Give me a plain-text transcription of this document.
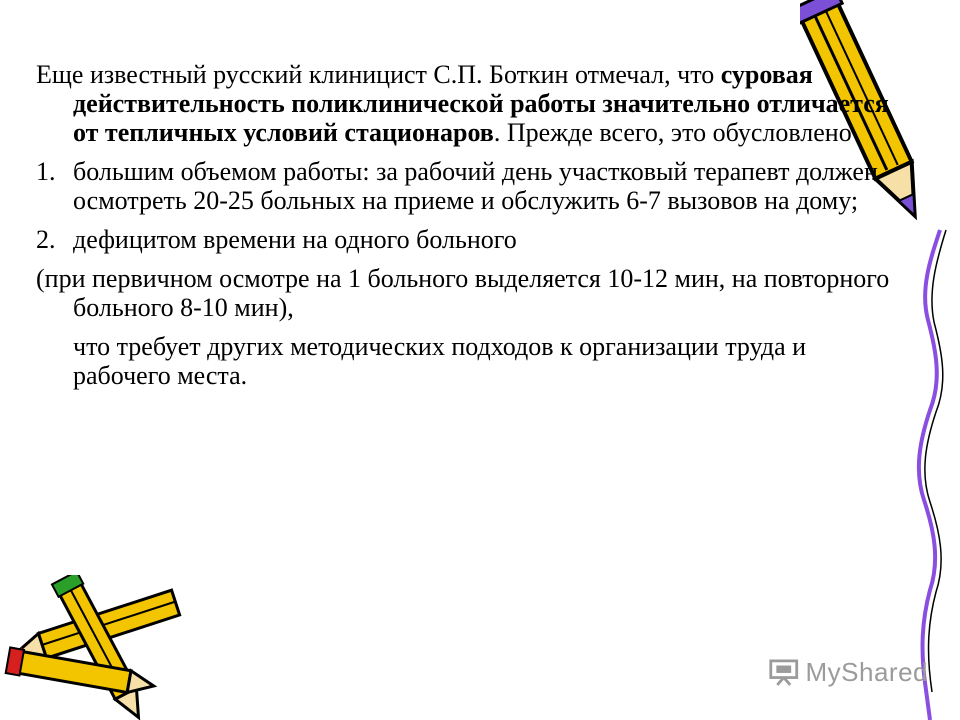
Еще известный русский клиницист С.П. Боткин отмечал, что суровая действительность поликлинической работы значительно отличается от тепличных условий стационаров. Прежде всего, это обусловлено

1. большим объемом работы: за рабочий день участковый терапевт должен осмотреть 20-25 больных на приеме и обслужить 6-7 вызовов на дому;
2. дефицитом времени на одного больного

(при первичном осмотре на 1 больного выделяется 10-12 мин, на повторного больного 8-10 мин),

что требует других методических подходов к организации труда и рабочего места.

MyShared
